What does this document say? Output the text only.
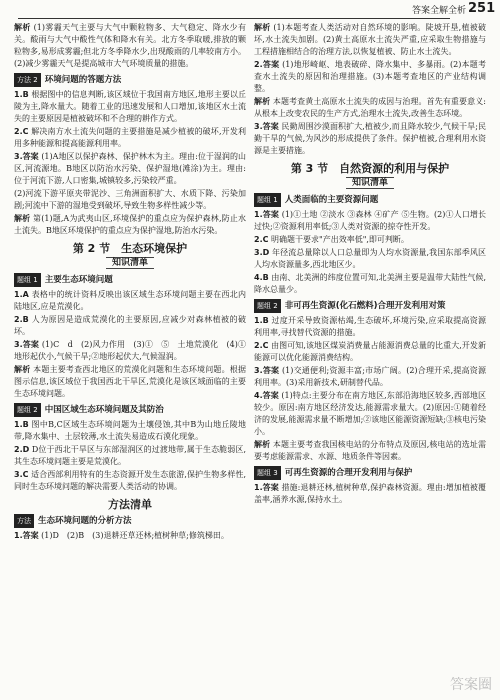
答案全解全析 251

解析 (1)雾霾天气主要与大气中颗粒物多、大气稳定、降水少有关。酸雨与大气中酸性气体和降水有关。北方冬季取暖,排放的颗粒物多,易形成雾霾;但北方冬季降水少,出现酸雨的几率较南方小。(2)减少雾霾天气是提高城市大气环境质量的措施。

方法 2 环境问题的答题方法

1.B 根据图中的信息判断,该区域位于我国南方地区,地形主要以丘陵为主,降水量大。随着工业的迅速发展和人口增加,该地区水土流失的主要原因是植被破坏和不合理的耕作方式。

2.C 解决南方水土流失问题的主要措施是减少植被的破坏,开发利用多种能源和提高能源利用率。

3.答案 (1)A地区以保护森林、保护林木为主。理由:位于湿润的山区,河流源地。B地区以防治水污染、保护湿地(滩涂)为主。理由:位于河流下游,人口密集,城镇较多,污染较严重。

(2)河流下游平原夹带泥沙、三角洲面积扩大、水质下降、污染加剧;河流中下游的湿地受到破坏,导致生物多样性减少等。

解析 第(1)题,A为武夷山区,环境保护的重点应为保护森林,防止水土流失。B地区环境保护的重点应为保护湿地,防治水污染。

第 2 节　生态环境保护
知识清单
题组 1 主要生态环境问题

1.A 表格中的统计资料反映出该区域生态环境问题主要在西北内陆地区,应是荒漠化。

2.B 人为原因是造成荒漠化的主要原因,应减少对森林植被的破坏。

3.答案 (1)C　d　(2)风力作用　(3)①　⑤　土地荒漠化　(4)①地形起伏小,气候干旱;②地形起伏大,气候湿润。

解析 本题主要考查西北地区的荒漠化问题和生态环境问题。根据图示信息,该区域位于我国西北干旱区,荒漠化是该区域面临的主要生态环境问题。

题组 2 中国区域生态环境问题及其防治

1.B 图中B,C区域生态环境问题为土壤侵蚀,其中B为山地丘陵地带,降水集中、土层较薄,水土流失易造成石漠化现象。

2.D D位于西北干旱区与东部湿润区的过渡地带,属于生态脆弱区,其生态环境问题主要是荒漠化。

3.C 适合西部利用特有的生态资源开发生态旅游,保护生物多样性,同时生态环境问题的解决需要人类活动的协调。

方法清单
方法 生态环境问题的分析方法

1.答案 (1)D　(2)B　(3)退耕还草还林;植树种草;修筑梯田。

解析 (1)本题考查人类活动对自然环境的影响。陡坡开垦,植被破坏,水土流失加剧。(2)黄土高原水土流失严重,应采取生物措施与工程措施相结合的治理方法,以恢复植被、防止水土流失。

2.答案 (1)地形崎岖、地表破碎、降水集中、多暴雨。(2)本题考查水土流失的原因和治理措施。(3)本题考查地区的产业结构调整。

解析 本题考查黄土高原水土流失的成因与治理。首先有重要意义:从根本上改变农民的生产方式,治理水土流失,改善生态环境。

3.答案 民勤周围沙漠面积扩大,植被少,而且降水较少,气候干旱;民勤干旱的气候,为风沙的形成提供了条件。保护植被,合理利用水资源是主要措施。

第 3 节　自然资源的利用与保护
知识清单
题组 1 人类面临的主要资源问题

1.答案 (1)①土地 ②淡水 ③森林 ④矿产 ⑤生物。(2)①人口增长过快;②资源利用率低;③人类对资源的掠夺性开发。

2.C 明确题干要求"产出效率低",即可判断。

3.D 年径流总量除以人口总量即为人均水资源量,我国东部季风区人均水资源量多,西北地区少。

4.B 由南、北美洲的纬度位置可知,北美洲主要是温带大陆性气候,降水总量少。

题组 2 非可再生资源(化石燃料)合理开发利用对策

1.B 过度开采导致资源枯竭,生态破坏,环境污染,应采取提高资源利用率,寻找替代资源的措施。

2.C 由图可知,该地区煤炭消费量占能源消费总量的比重大,开发新能源可以优化能源消费结构。

3.答案 (1)交通便利;资源丰富;市场广阔。(2)合理开采,提高资源利用率。(3)采用新技术,研制替代品。

4.答案 (1)特点:主要分布在南方地区,东部沿海地区较多,西部地区较少。原因:南方地区经济发达,能源需求量大。(2)原因:①随着经济的发展,能源需求量不断增加;②该地区能源资源短缺;③核电污染小。

解析 本题主要考查我国核电站的分布特点及原因,核电站的选址需要考虑能源需求、水源、地质条件等因素。

题组 3 可再生资源的合理开发利用与保护

1.答案 措施:退耕还林,植树种草,保护森林资源。理由:增加植被覆盖率,涵养水源,保持水土。

答案圈
